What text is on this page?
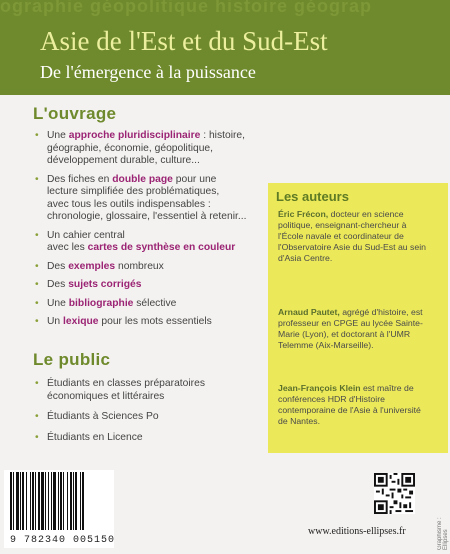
ographie géopolitique histoire géograp
Asie de l'Est et du Sud-Est
De l'émergence à la puissance
L'ouvrage
• Une approche pluridisciplinaire : histoire,
géographie, économie, géopolitique,
développement durable, culture...
• Des fiches en double page pour une
lecture simplifiée des problématiques,
avec tous les outils indispensables :
chronologie, glossaire, l'essentiel à retenir...
• Un cahier central
avec les cartes de synthèse en couleur
• Des exemples nombreux
• Des sujets corrigés
• Une bibliographie sélective
• Un lexique pour les mots essentiels
Le public
• Étudiants en classes préparatoires
économiques et littéraires
• Étudiants à Sciences Po
• Étudiants en Licence
Les auteurs
Éric Frécon, docteur en science politique, enseignant-chercheur à l'École navale et coordinateur de l'Observatoire Asie du Sud-Est au sein d'Asia Centre.
Arnaud Pautet, agrégé d'histoire, est professeur en CPGE au lycée Sainte-Marie (Lyon), et doctorant à l'UMR Telemme (Aix-Marseille).
Jean-François Klein est maître de conférences HDR d'Histoire contemporaine de l'Asie à l'université de Nantes.
9 782340 005150
www.editions-ellipses.fr	Graphisme : Ellipses
